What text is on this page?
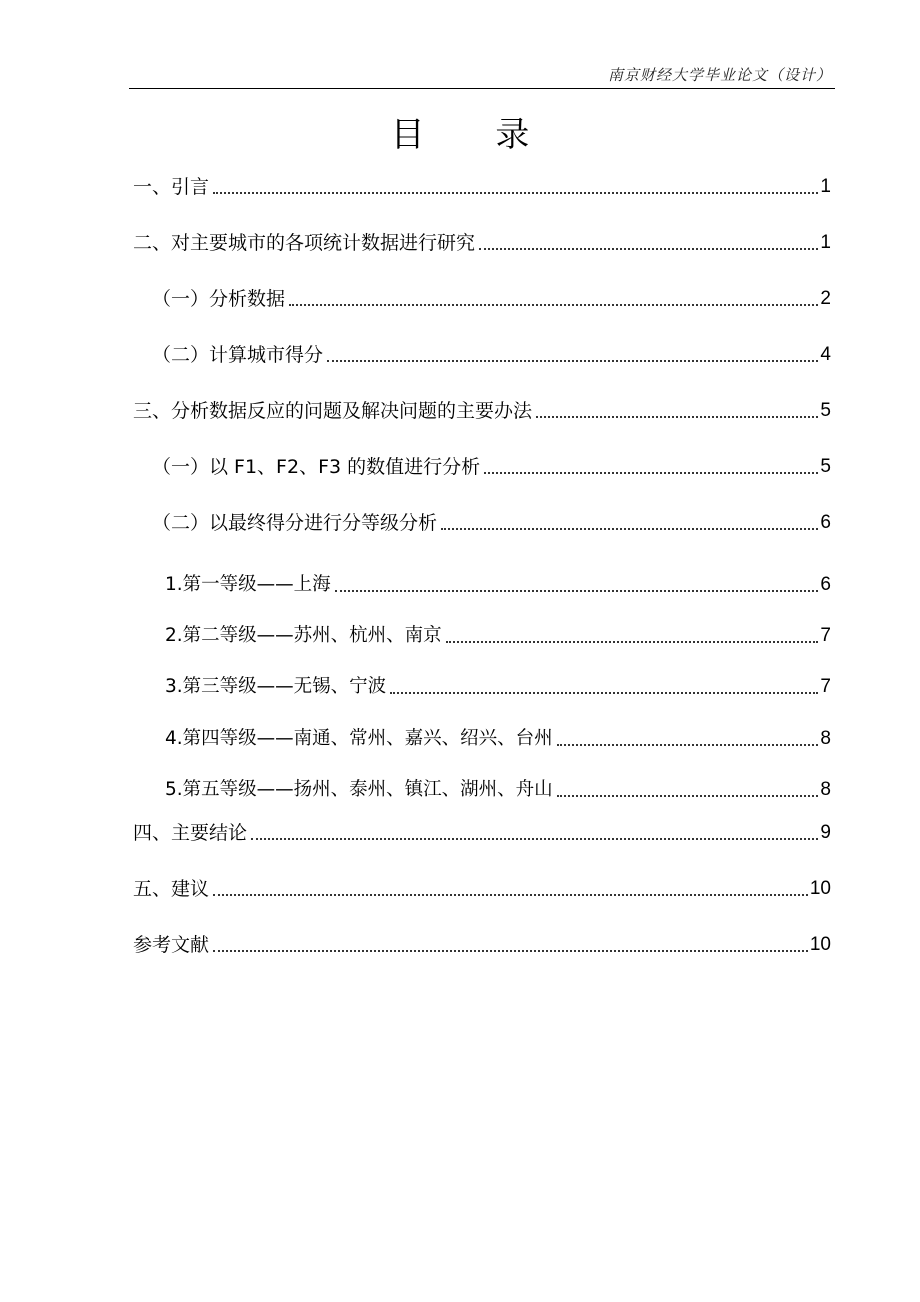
南京财经大学毕业论文（设计）
目 录
一、引言	1
二、对主要城市的各项统计数据进行研究	1
（一）分析数据	2
（二）计算城市得分	4
三、分析数据反应的问题及解决问题的主要办法	5
（一）以 F1、F2、F3 的数值进行分析	5
（二）以最终得分进行分等级分析	6
1.第一等级——上海	6
2.第二等级——苏州、杭州、南京	7
3.第三等级——无锡、宁波	7
4.第四等级——南通、常州、嘉兴、绍兴、台州	8
5.第五等级——扬州、泰州、镇江、湖州、舟山	8
四、主要结论	9
五、建议	10
参考文献	10
